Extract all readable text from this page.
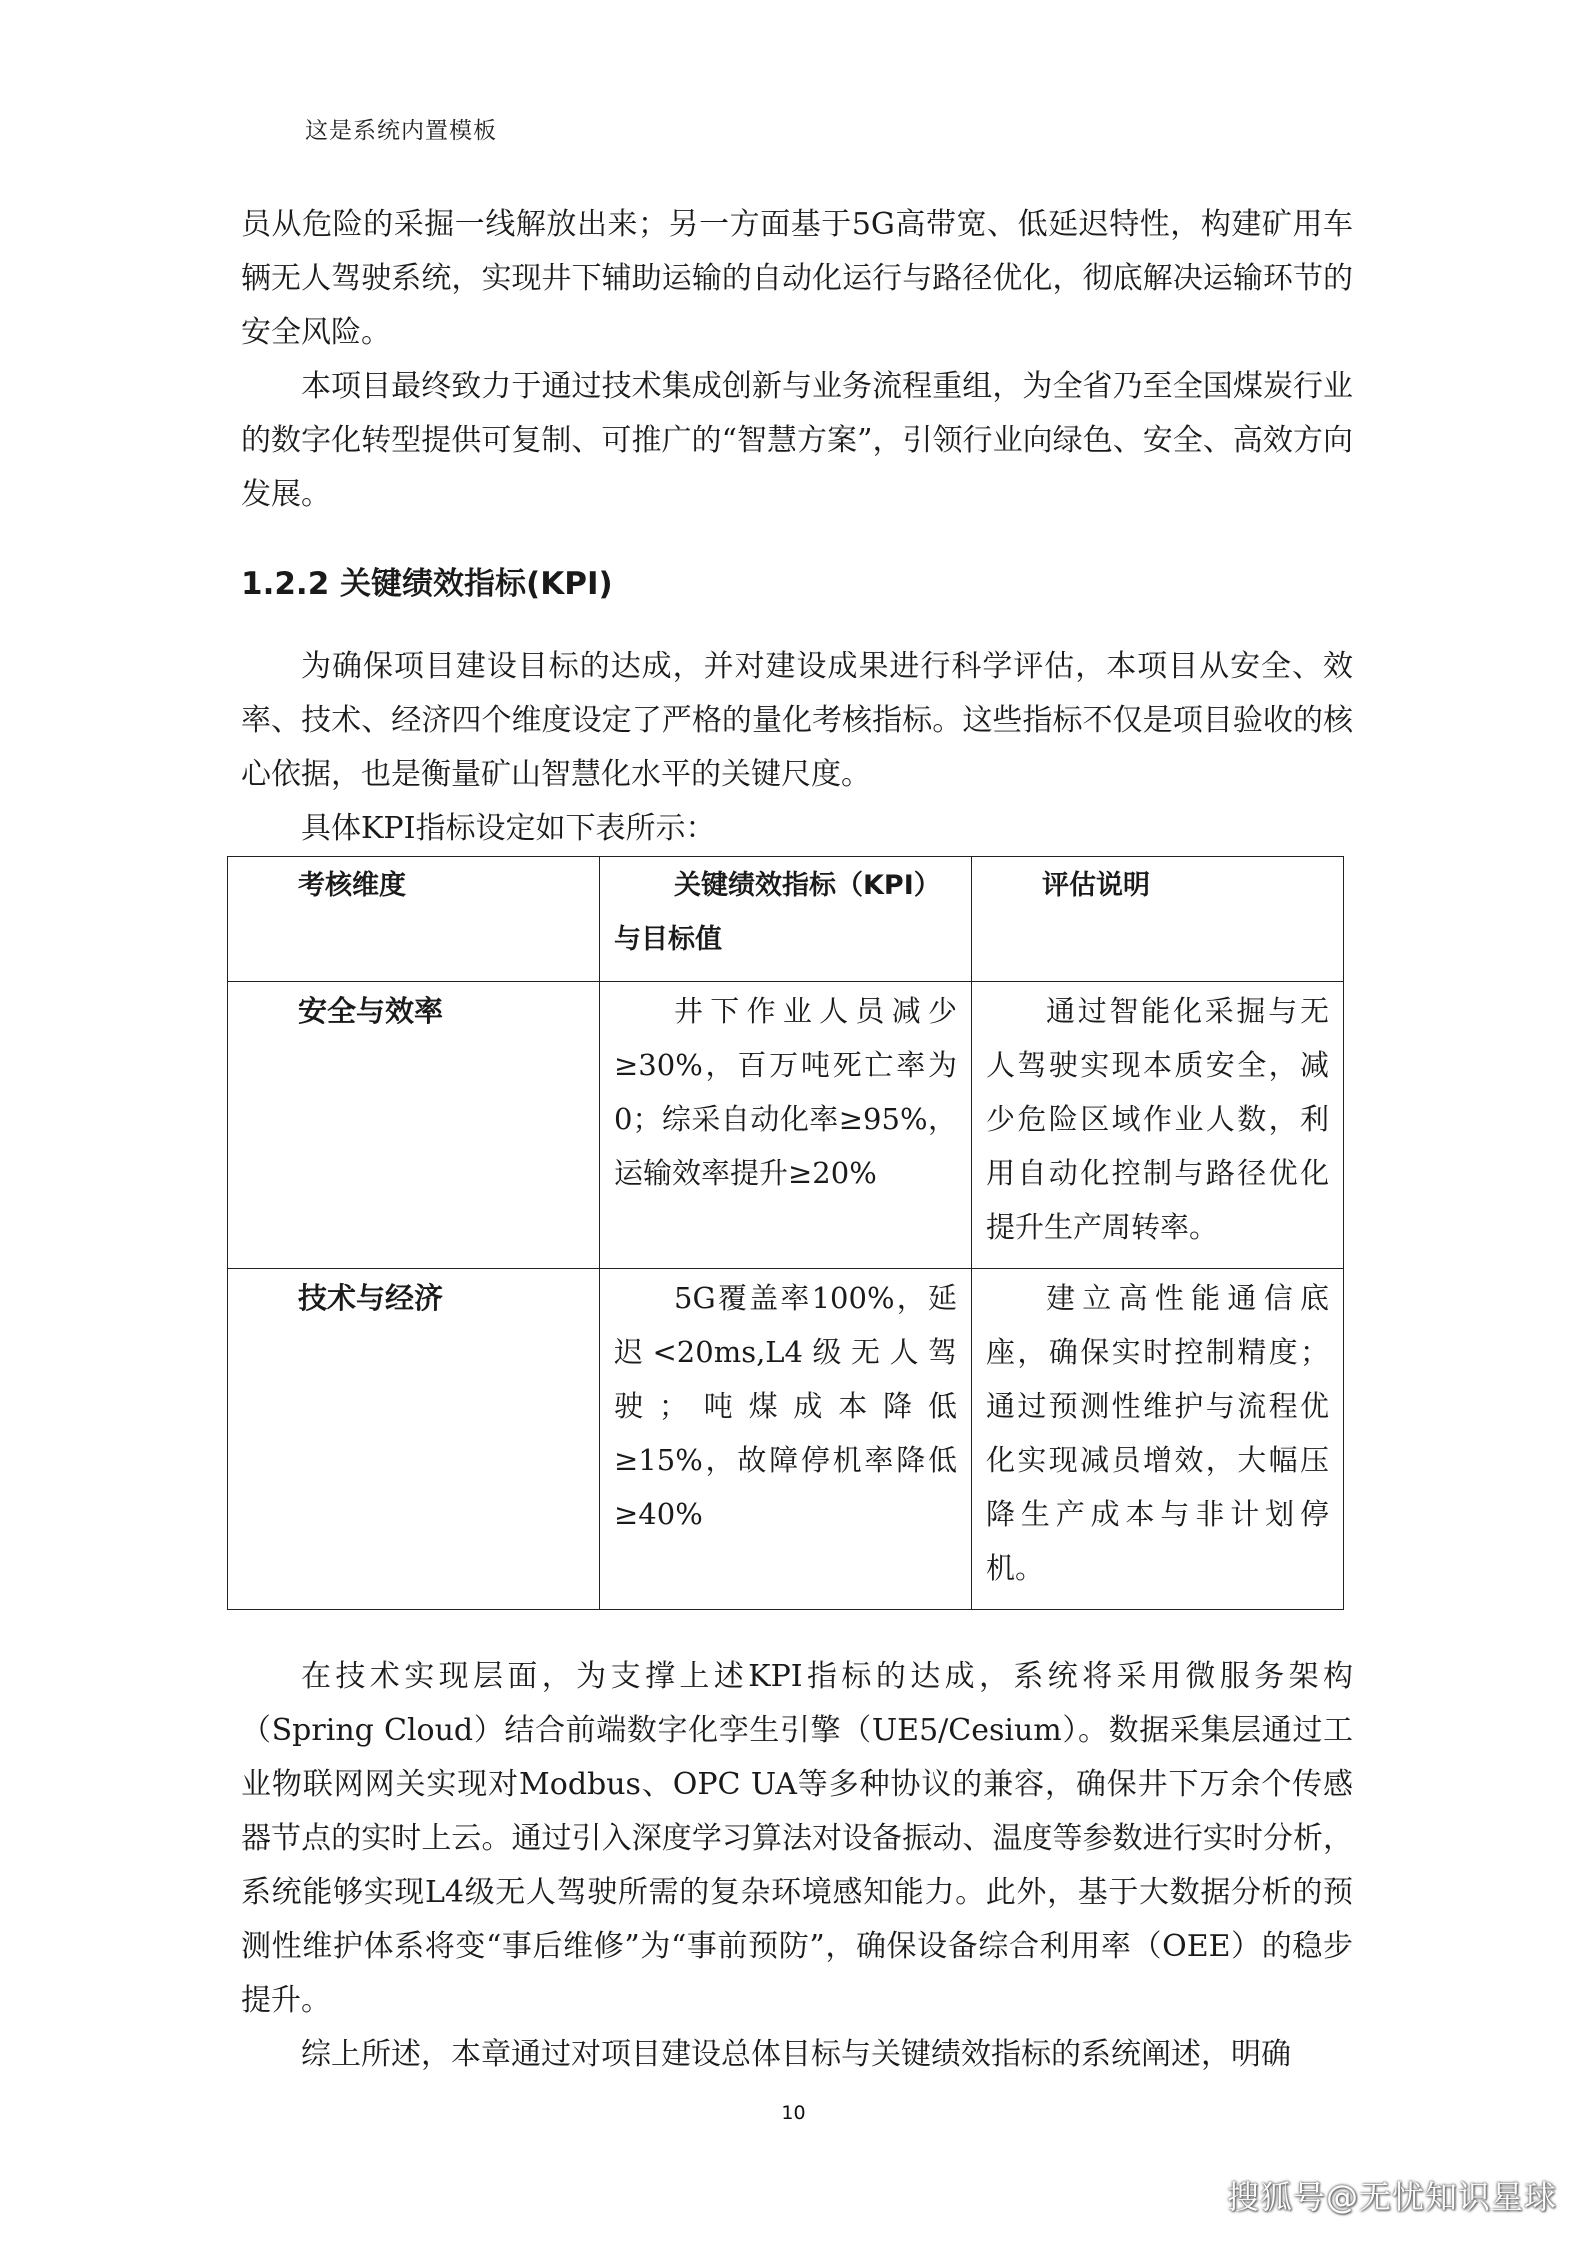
这是系统内置模板

员从危险的采掘一线解放出来；另一方面基于5G高带宽、低延迟特性，构建矿用车辆无人驾驶系统，实现井下辅助运输的自动化运行与路径优化，彻底解决运输环节的安全风险。

本项目最终致力于通过技术集成创新与业务流程重组，为全省乃至全国煤炭行业的数字化转型提供可复制、可推广的“智慧方案”，引领行业向绿色、安全、高效方向发展。

1.2.2 关键绩效指标(KPI)

为确保项目建设目标的达成，并对建设成果进行科学评估，本项目从安全、效率、技术、经济四个维度设定了严格的量化考核指标。这些指标不仅是项目验收的核心依据，也是衡量矿山智慧化水平的关键尺度。

具体KPI指标设定如下表所示：

考核维度	关键绩效指标（KPI）与目标值	评估说明
安全与效率	井下作业人员减少≥30%，百万吨死亡率为0；综采自动化率≥95%，运输效率提升≥20%	通过智能化采掘与无人驾驶实现本质安全，减少危险区域作业人数，利用自动化控制与路径优化提升生产周转率。
技术与经济	5G覆盖率100%，延迟<20ms,L4级无人驾驶；吨煤成本降低≥15%，故障停机率降低≥40%	建立高性能通信底座，确保实时控制精度；通过预测性维护与流程优化实现减员增效，大幅压降生产成本与非计划停机。

在技术实现层面，为支撑上述KPI指标的达成，系统将采用微服务架构（Spring Cloud）结合前端数字化孪生引擎（UE5/Cesium）。数据采集层通过工业物联网网关实现对Modbus、OPC UA等多种协议的兼容，确保井下万余个传感器节点的实时上云。通过引入深度学习算法对设备振动、温度等参数进行实时分析，系统能够实现L4级无人驾驶所需的复杂环境感知能力。此外，基于大数据分析的预测性维护体系将变“事后维修”为“事前预防”，确保设备综合利用率（OEE）的稳步提升。

综上所述，本章通过对项目建设总体目标与关键绩效指标的系统阐述，明确

10
搜狐号@无忧知识星球
